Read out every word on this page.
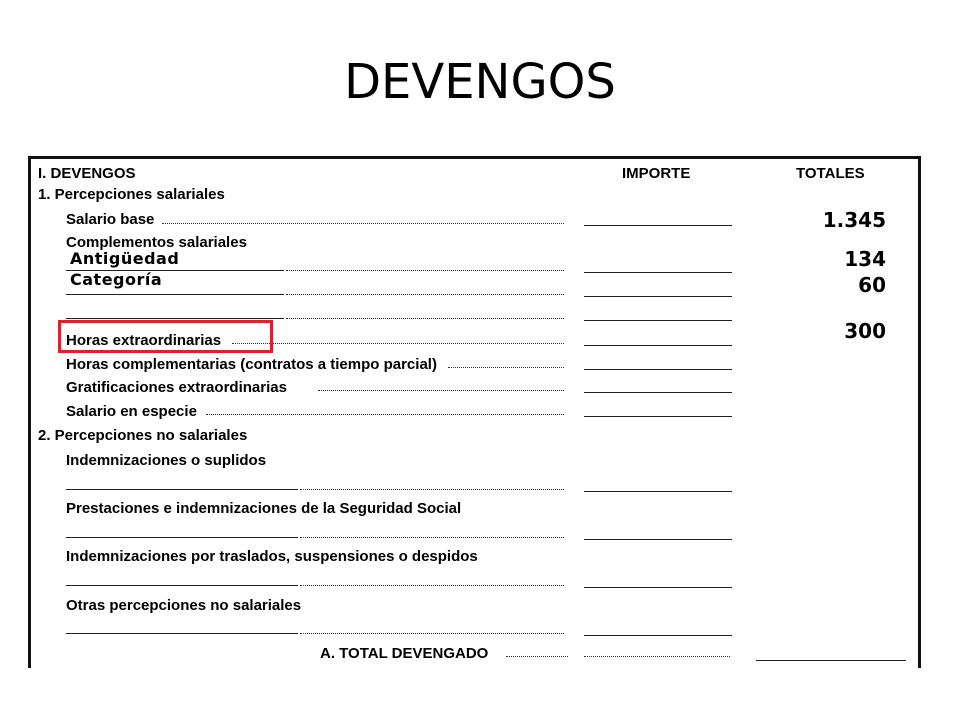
DEVENGOS
I. DEVENGOS	IMPORTE	TOTALES
1. Percepciones salariales
Salario base
Complementos salariales
Horas extraordinarias
Horas complementarias (contratos a tiempo parcial)
Gratificaciones extraordinarias
Salario en especie
2. Percepciones no salariales
Indemnizaciones o suplidos
Prestaciones e indemnizaciones de la Seguridad Social
Indemnizaciones por traslados, suspensiones o despidos
Otras percepciones no salariales
A. TOTAL DEVENGADO
Antigüedad
Categoría
1.345
134
60
300
